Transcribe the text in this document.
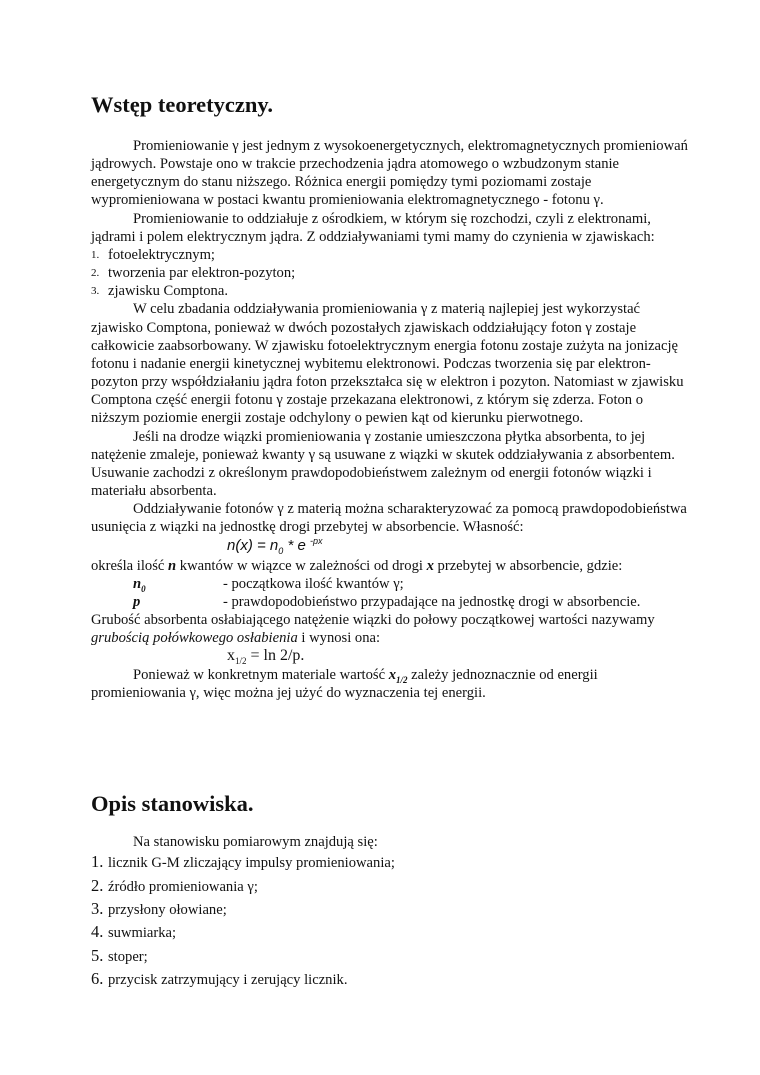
Wstęp teoretyczny.

Promieniowanie γ jest jednym z wysokoenergetycznych, elektromagnetycznych promieniowań jądrowych. Powstaje ono w trakcie przechodzenia jądra atomowego o wzbudzonym stanie energetycznym do stanu niższego. Różnica energii pomiędzy tymi poziomami zostaje wypromieniowana w postaci kwantu promieniowania elektromagnetycznego - fotonu γ.

Promieniowanie to oddziałuje z ośrodkiem, w którym się rozchodzi, czyli z elektronami, jądrami i polem elektrycznym jądra. Z oddziaływaniami tymi mamy do czynienia w zjawiskach:

1. fotoelektrycznym;
2. tworzenia par elektron-pozyton;
3. zjawisku Comptona.

W celu zbadania oddziaływania promieniowania γ z materią najlepiej jest wykorzystać zjawisko Comptona, ponieważ w dwóch pozostałych zjawiskach oddziałujący foton γ zostaje całkowicie zaabsorbowany. W zjawisku fotoelektrycznym energia fotonu zostaje zużyta na jonizację fotonu i nadanie energii kinetycznej wybitemu elektronowi. Podczas tworzenia się par elektron-pozyton przy współdziałaniu jądra foton przekształca się w elektron i pozyton. Natomiast w zjawisku Comptona część energii fotonu γ zostaje przekazana elektronowi, z którym się zderza. Foton o niższym poziomie energii zostaje odchylony o pewien kąt od kierunku pierwotnego.

Jeśli na drodze wiązki promieniowania γ zostanie umieszczona płytka absorbenta, to jej natężenie zmaleje, ponieważ kwanty γ są usuwane z wiązki w skutek oddziaływania z absorbentem. Usuwanie zachodzi z określonym prawdopodobieństwem zależnym od energii fotonów wiązki i materiału absorbenta.

Oddziaływanie fotonów γ z materią można scharakteryzować za pomocą prawdopodobieństwa usunięcia z wiązki na jednostkę drogi przebytej w absorbencie. Własność:

$n(x) = n_0 * e$ $^{-px}$

określa ilość n kwantów w wiązce w zależności od drogi x przebytej w absorbencie, gdzie:

$n_0$	- początkowa ilość kwantów γ;
p	- prawdopodobieństwo przypadające na jednostkę drogi w absorbencie.

Grubość absorbenta osłabiającego natężenie wiązki do połowy początkowej wartości nazywamy grubością połówkowego osłabienia i wynosi ona:

$x_{1/2} = \ln 2/p$.

Ponieważ w konkretnym materiale wartość $x_{1/2}$ zależy jednoznacznie od energii promieniowania γ, więc można jej użyć do wyznaczenia tej energii.

Opis stanowiska.

Na stanowisku pomiarowym znajdują się:

1. licznik G-M zliczający impulsy promieniowania;
2. źródło promieniowania γ;
3. przysłony ołowiane;
4. suwmiarka;
5. stoper;
6. przycisk zatrzymujący i zerujący licznik.
